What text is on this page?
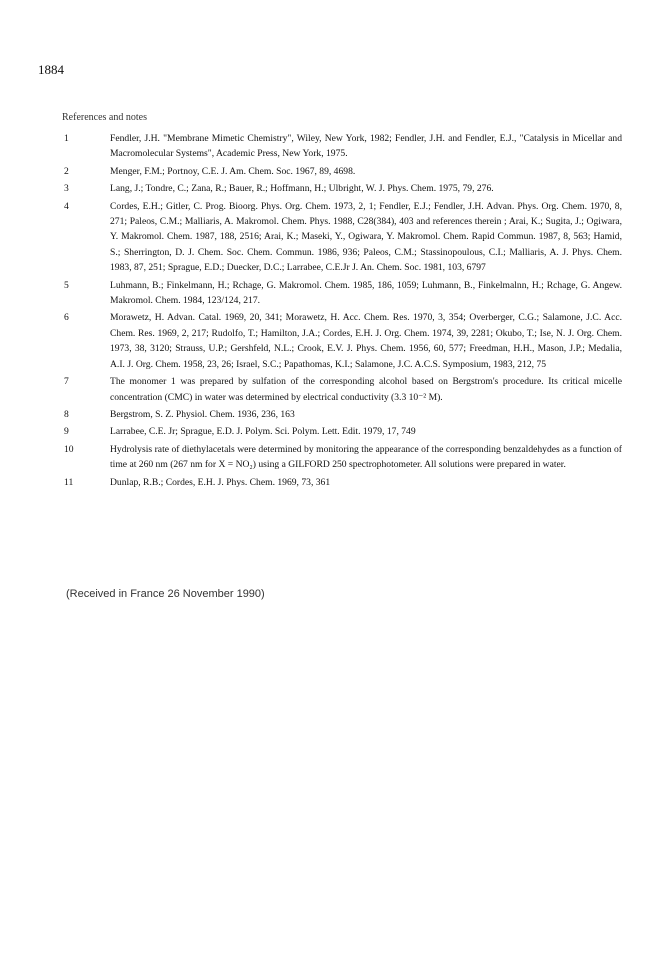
1884
References and notes
1	Fendler, J.H. "Membrane Mimetic Chemistry", Wiley, New York, 1982; Fendler, J.H. and Fendler, E.J., "Catalysis in Micellar and Macromolecular Systems", Academic Press, New York, 1975.
2	Menger, F.M.; Portnoy, C.E. J. Am. Chem. Soc. 1967, 89, 4698.
3	Lang, J.; Tondre, C.; Zana, R.; Bauer, R.; Hoffmann, H.; Ulbright, W. J. Phys. Chem. 1975, 79, 276.
4	Cordes, E.H.; Gitler, C. Prog. Bioorg. Phys. Org. Chem. 1973, 2, 1; Fendler, E.J.; Fendler, J.H. Advan. Phys. Org. Chem. 1970, 8, 271; Paleos, C.M.; Malliaris, A. Makromol. Chem. Phys. 1988, C28(384), 403 and references therein ; Arai, K.; Sugita, J.; Ogiwara, Y. Makromol. Chem. 1987, 188, 2516; Arai, K.; Maseki, Y., Ogiwara, Y. Makromol. Chem. Rapid Commun. 1987, 8, 563; Hamid, S.; Sherrington, D. J. Chem. Soc. Chem. Commun. 1986, 936; Paleos, C.M.; Stassinopoulous, C.I.; Malliaris, A. J. Phys. Chem. 1983, 87, 251; Sprague, E.D.; Duecker, D.C.; Larrabee, C.E.Jr J. An. Chem. Soc. 1981, 103, 6797
5	Luhmann, B.; Finkelmann, H.; Rchage, G. Makromol. Chem. 1985, 186, 1059; Luhmann, B., Finkelmalnn, H.; Rchage, G. Angew. Makromol. Chem. 1984, 123/124, 217.
6	Morawetz, H. Advan. Catal. 1969, 20, 341; Morawetz, H. Acc. Chem. Res. 1970, 3, 354; Overberger, C.G.; Salamone, J.C. Acc. Chem. Res. 1969, 2, 217; Rudolfo, T.; Hamilton, J.A.; Cordes, E.H. J. Org. Chem. 1974, 39, 2281; Okubo, T.; Ise, N. J. Org. Chem. 1973, 38, 3120; Strauss, U.P.; Gershfeld, N.L.; Crook, E.V. J. Phys. Chem. 1956, 60, 577; Freedman, H.H., Mason, J.P.; Medalia, A.I. J. Org. Chem. 1958, 23, 26; Israel, S.C.; Papathomas, K.I.; Salamone, J.C. A.C.S. Symposium, 1983, 212, 75
7	The monomer 1 was prepared by sulfation of the corresponding alcohol based on Bergstrom's procedure. Its critical micelle concentration (CMC) in water was determined by electrical conductivity (3.3 10⁻² M).
8	Bergstrom, S. Z. Physiol. Chem. 1936, 236, 163
9	Larrabee, C.E. Jr; Sprague, E.D. J. Polym. Sci. Polym. Lett. Edit. 1979, 17, 749
10	Hydrolysis rate of diethylacetals were determined by monitoring the appearance of the corresponding benzaldehydes as a function of time at 260 nm (267 nm for X = NO₂) using a GILFORD 250 spectrophotometer. All solutions were prepared in water.
11	Dunlap, R.B.; Cordes, E.H. J. Phys. Chem. 1969, 73, 361
(Received in France 26 November 1990)
